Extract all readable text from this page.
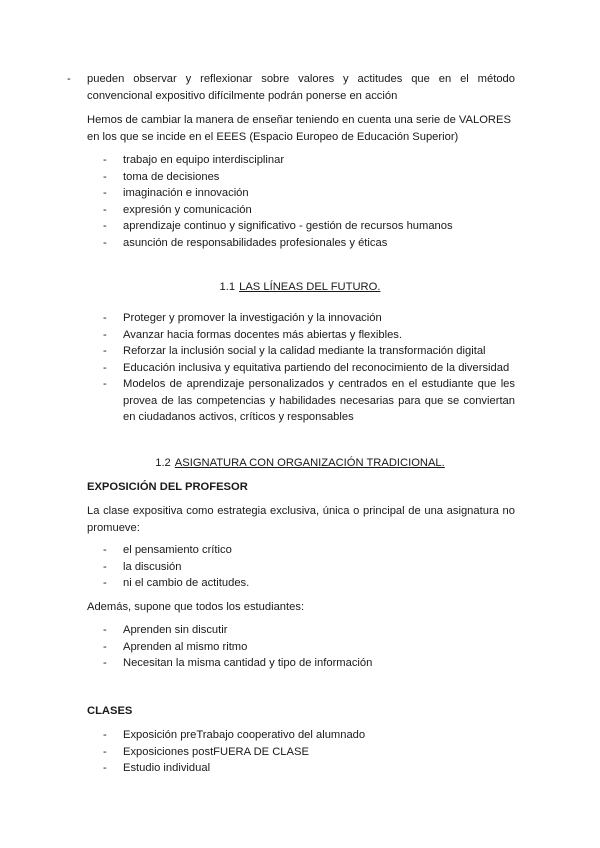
- pueden observar y reflexionar sobre valores y actitudes que en el método convencional expositivo difícilmente podrán ponerse en acción
Hemos de cambiar la manera de enseñar teniendo en cuenta una serie de VALORES en los que se incide en el EEES (Espacio Europeo de Educación Superior)
- trabajo en equipo interdisciplinar
- toma de decisiones
- imaginación e innovación
- expresión y comunicación
- aprendizaje continuo y significativo - gestión de recursos humanos
- asunción de responsabilidades profesionales y éticas
1.1 LAS LÍNEAS DEL FUTURO.
- Proteger y promover la investigación y la innovación
- Avanzar hacia formas docentes más abiertas y flexibles.
- Reforzar la inclusión social y la calidad mediante la transformación digital
- Educación inclusiva y equitativa partiendo del reconocimiento de la diversidad
- Modelos de aprendizaje personalizados y centrados en el estudiante que les provea de las competencias y habilidades necesarias para que se conviertan en ciudadanos activos, críticos y responsables
1.2 ASIGNATURA CON ORGANIZACIÓN TRADICIONAL.
EXPOSICIÓN DEL PROFESOR
La clase expositiva como estrategia exclusiva, única o principal de una asignatura no promueve:
- el pensamiento crítico
- la discusión
- ni el cambio de actitudes.
Además, supone que todos los estudiantes:
- Aprenden sin discutir
- Aprenden al mismo ritmo
- Necesitan la misma cantidad y tipo de información
CLASES
- Exposición preTrabajo cooperativo del alumnado
- Exposiciones postFUERA DE CLASE
- Estudio individual
